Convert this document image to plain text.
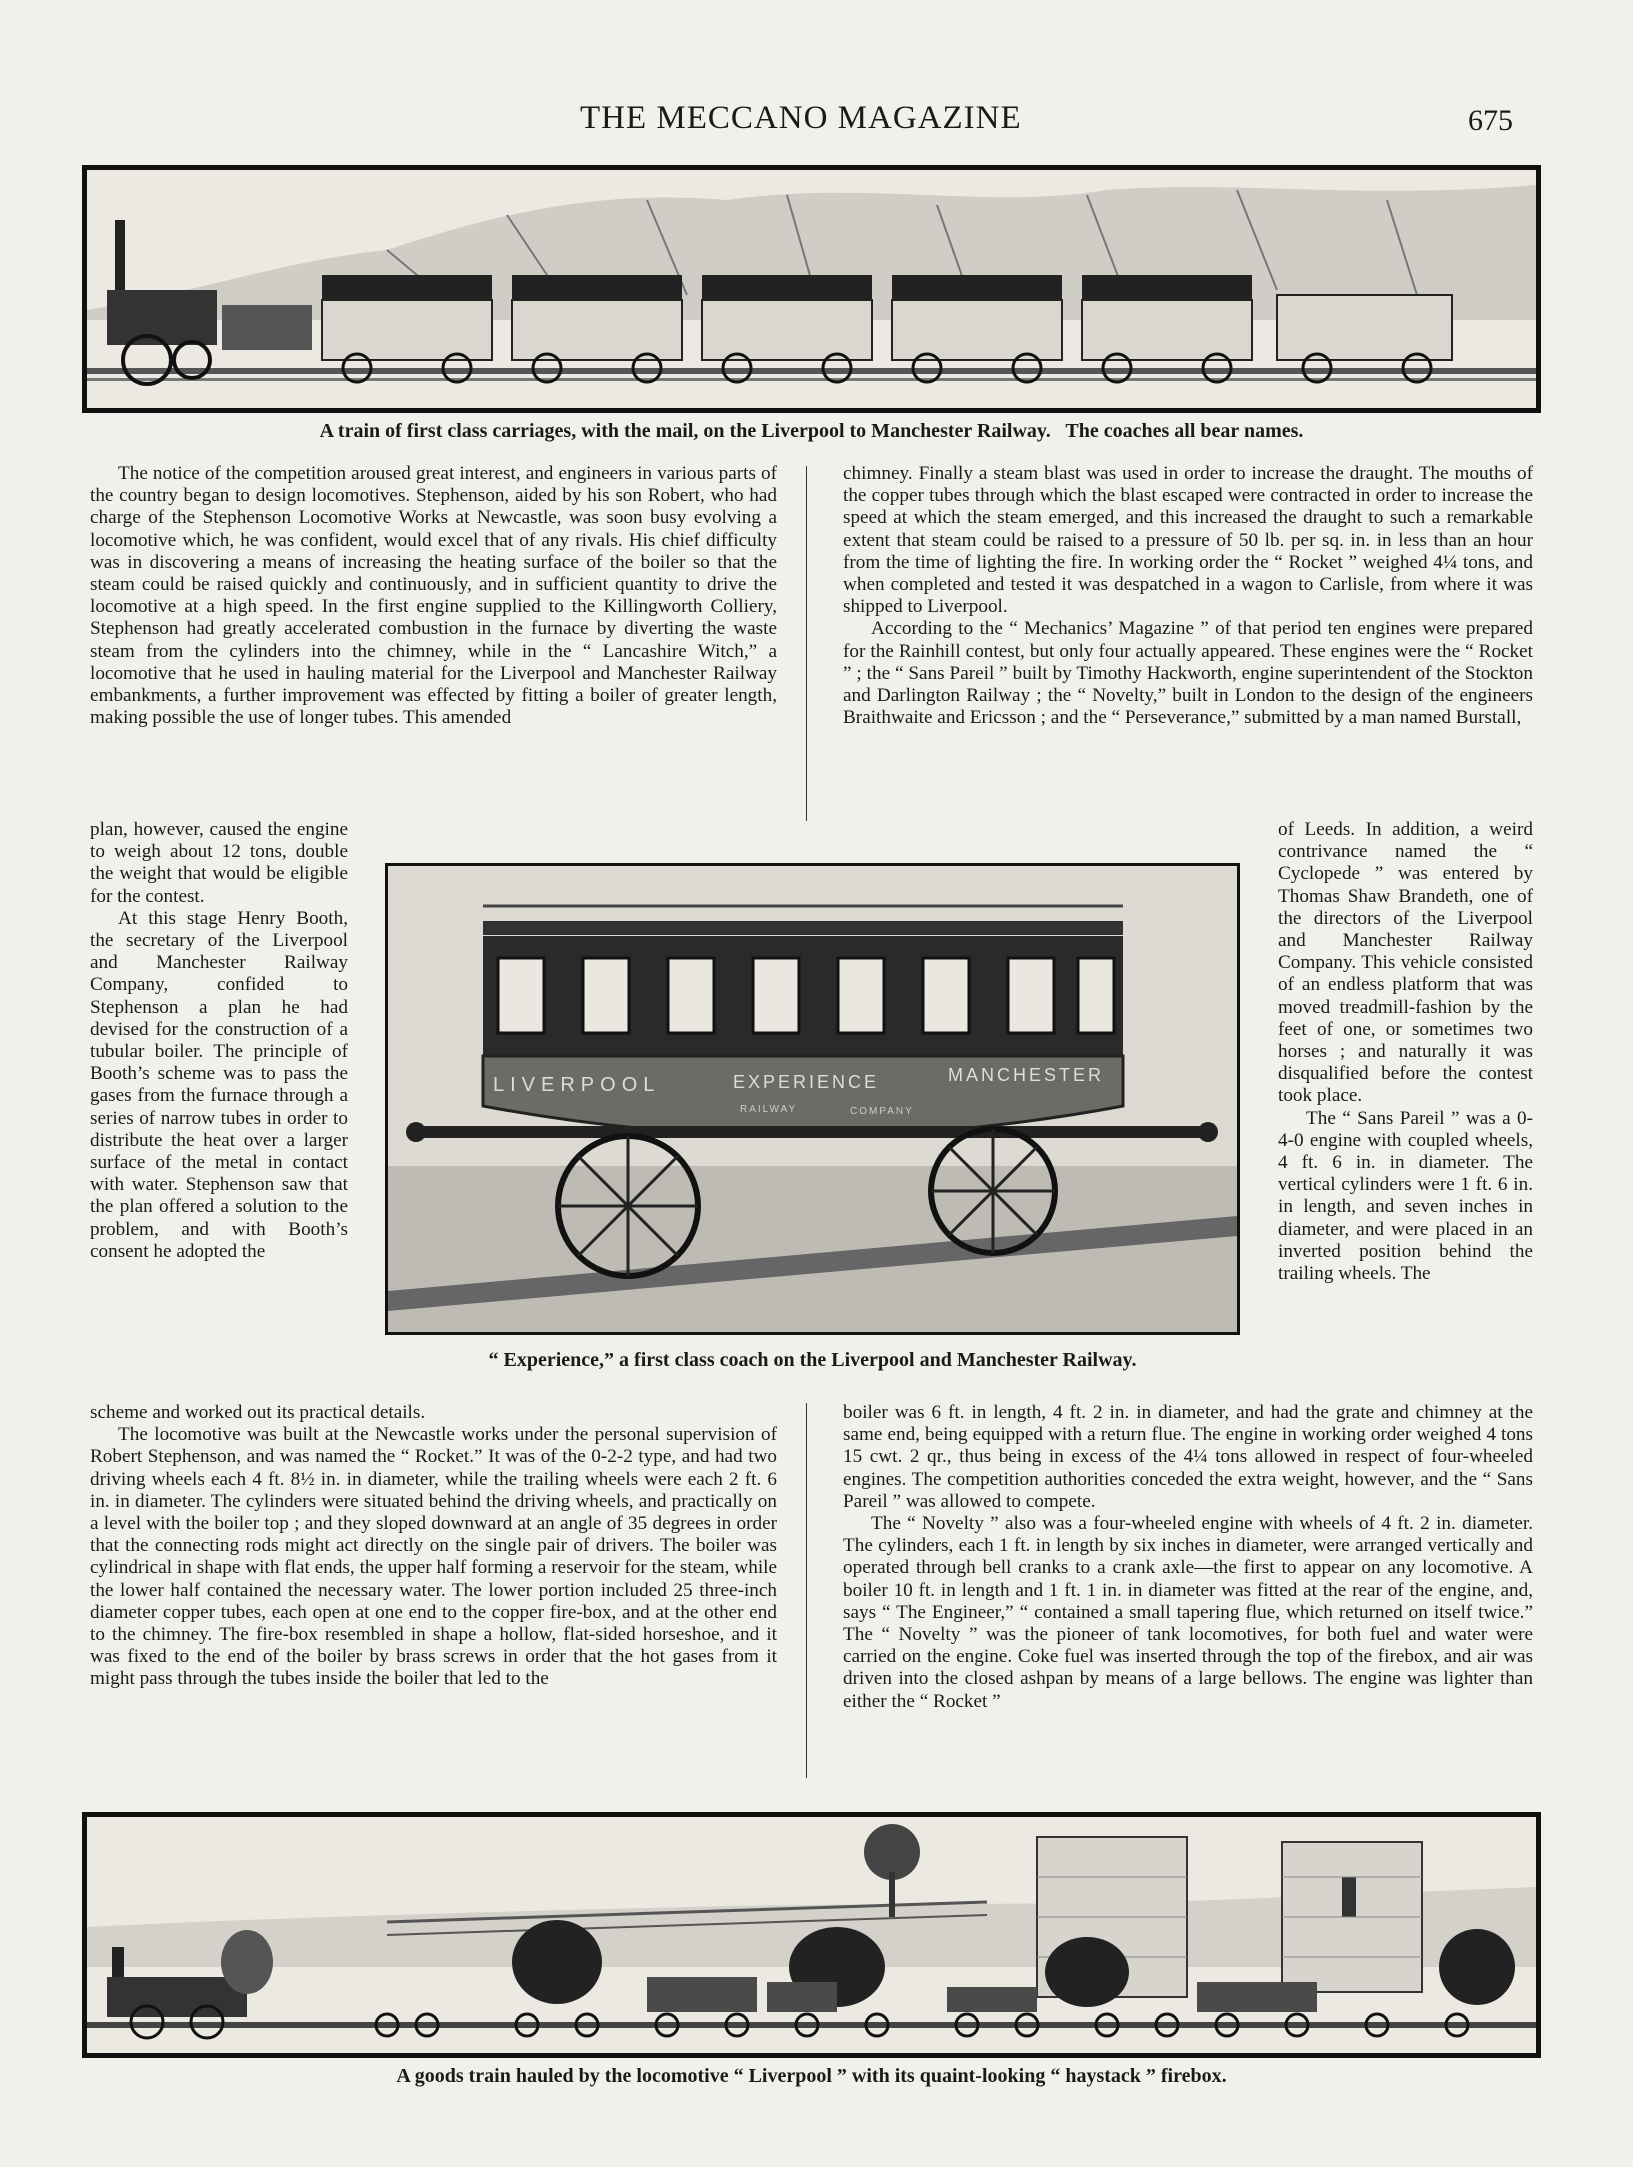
THE MECCANO MAGAZINE	675
A train of first class carriages, with the mail, on the Liverpool to Manchester Railway.   The coaches all bear names.

The notice of the competition aroused great interest, and engineers in various parts of the country began to design locomotives. Stephenson, aided by his son Robert, who had charge of the Stephenson Locomotive Works at Newcastle, was soon busy evolving a locomotive which, he was confident, would excel that of any rivals. His chief difficulty was in discovering a means of increasing the heating surface of the boiler so that the steam could be raised quickly and continuously, and in sufficient quantity to drive the locomotive at a high speed. In the first engine supplied to the Killingworth Colliery, Stephenson had greatly accelerated combustion in the furnace by diverting the waste steam from the cylinders into the chimney, while in the “ Lancashire Witch,” a locomotive that he used in hauling material for the Liverpool and Manchester Railway embankments, a further improvement was effected by fitting a boiler of greater length, making possible the use of longer tubes. This amended

plan, however, caused the engine to weigh about 12 tons, double the weight that would be eligible for the contest.

At this stage Henry Booth, the secretary of the Liverpool and Manchester Railway Company, confided to Stephenson a plan he had devised for the construction of a tubular boiler. The principle of Booth’s scheme was to pass the gases from the furnace through a series of narrow tubes in order to distribute the heat over a larger surface of the metal in contact with water. Stephenson saw that the plan offered a solution to the problem, and with Booth’s consent he adopted the

chimney. Finally a steam blast was used in order to increase the draught. The mouths of the copper tubes through which the blast escaped were contracted in order to increase the speed at which the steam emerged, and this increased the draught to such a remarkable extent that steam could be raised to a pressure of 50 lb. per sq. in. in less than an hour from the time of lighting the fire. In working order the “ Rocket ” weighed 4¼ tons, and when completed and tested it was despatched in a wagon to Carlisle, from where it was shipped to Liverpool.

According to the “ Mechanics’ Magazine ” of that period ten engines were prepared for the Rainhill contest, but only four actually appeared. These engines were the “ Rocket ” ; the “ Sans Pareil ” built by Timothy Hackworth, engine superintendent of the Stockton and Darlington Railway ; the “ Novelty,” built in London to the design of the engineers Braithwaite and Ericsson ; and the “ Perseverance,” submitted by a man named Burstall,

of Leeds. In addition, a weird contrivance named the “ Cyclopede ” was entered by Thomas Shaw Brandeth, one of the directors of the Liverpool and Manchester Railway Company. This vehicle consisted of an endless platform that was moved treadmill-fashion by the feet of one, or sometimes two horses ; and naturally it was disqualified before the contest took place.

The “ Sans Pareil ” was a 0-4-0 engine with coupled wheels, 4 ft. 6 in. in diameter. The vertical cylinders were 1 ft. 6 in. in length, and seven inches in diameter, and were placed in an inverted position behind the trailing wheels. The

LIVERPOOL	EXPERIENCE	MANCHESTER
RAILWAY	COMPANY
“ Experience,” a first class coach on the Liverpool and Manchester Railway.

scheme and worked out its practical details.

The locomotive was built at the Newcastle works under the personal supervision of Robert Stephenson, and was named the “ Rocket.” It was of the 0-2-2 type, and had two driving wheels each 4 ft. 8½ in. in diameter, while the trailing wheels were each 2 ft. 6 in. in diameter. The cylinders were situated behind the driving wheels, and practically on a level with the boiler top ; and they sloped downward at an angle of 35 degrees in order that the connecting rods might act directly on the single pair of drivers. The boiler was cylindrical in shape with flat ends, the upper half forming a reservoir for the steam, while the lower half contained the necessary water. The lower portion included 25 three-inch diameter copper tubes, each open at one end to the copper fire-box, and at the other end to the chimney. The fire-box resembled in shape a hollow, flat-sided horseshoe, and it was fixed to the end of the boiler by brass screws in order that the hot gases from it might pass through the tubes inside the boiler that led to the

boiler was 6 ft. in length, 4 ft. 2 in. in diameter, and had the grate and chimney at the same end, being equipped with a return flue. The engine in working order weighed 4 tons 15 cwt. 2 qr., thus being in excess of the 4¼ tons allowed in respect of four-wheeled engines. The competition authorities conceded the extra weight, however, and the “ Sans Pareil ” was allowed to compete.

The “ Novelty ” also was a four-wheeled engine with wheels of 4 ft. 2 in. diameter. The cylinders, each 1 ft. in length by six inches in diameter, were arranged vertically and operated through bell cranks to a crank axle—the first to appear on any locomotive. A boiler 10 ft. in length and 1 ft. 1 in. in diameter was fitted at the rear of the engine, and, says “ The Engineer,” “ contained a small tapering flue, which returned on itself twice.” The “ Novelty ” was the pioneer of tank locomotives, for both fuel and water were carried on the engine. Coke fuel was inserted through the top of the firebox, and air was driven into the closed ashpan by means of a large bellows. The engine was lighter than either the “ Rocket ”

A goods train hauled by the locomotive “ Liverpool ” with its quaint-looking “ haystack ” firebox.
